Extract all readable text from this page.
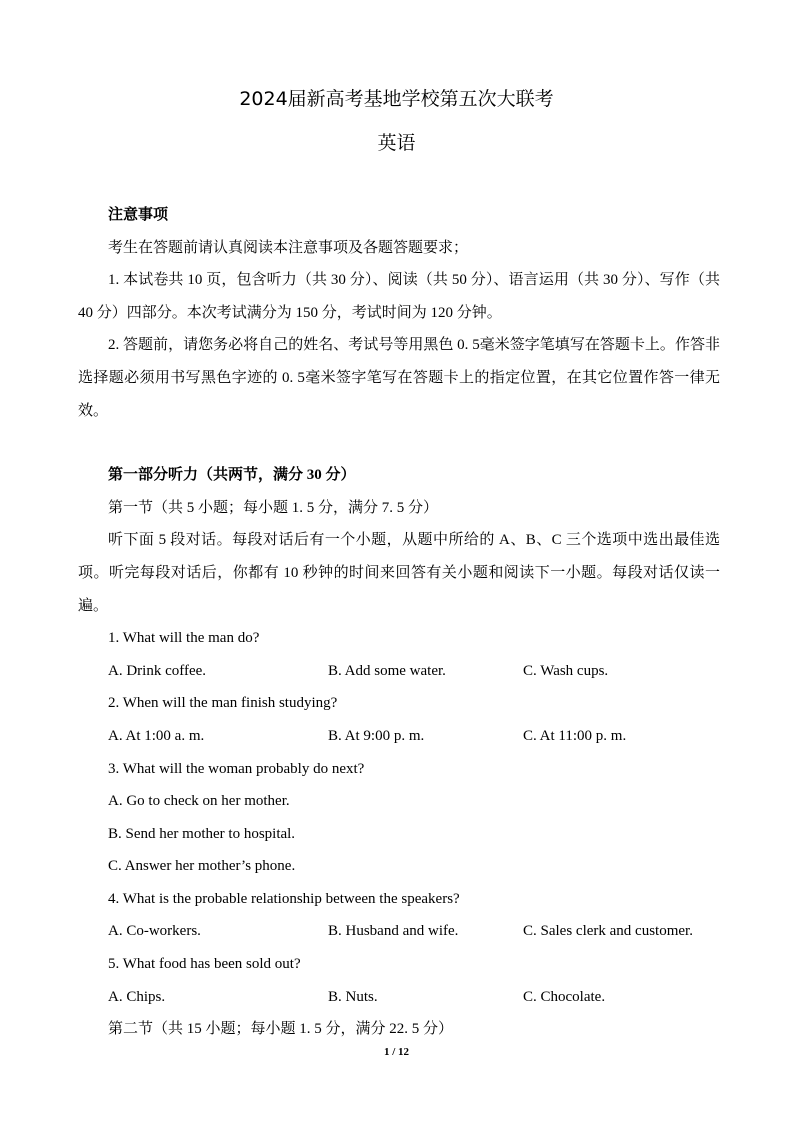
2024届新高考基地学校第五次大联考
英语

注意事项

考生在答题前请认真阅读本注意事项及各题答题要求；

1. 本试卷共 10 页，包含听力（共 30 分）、阅读（共 50 分）、语言运用（共 30 分）、写作（共 40 分）四部分。本次考试满分为 150 分，考试时间为 120 分钟。

2. 答题前，请您务必将自己的姓名、考试号等用黑色 0. 5毫米签字笔填写在答题卡上。作答非选择题必须用书写黑色字迹的 0. 5毫米签字笔写在答题卡上的指定位置，在其它位置作答一律无效。

第一部分听力（共两节，满分 30 分）

第一节（共 5 小题；每小题 1. 5 分，满分 7. 5 分）

听下面 5 段对话。每段对话后有一个小题，从题中所给的 A、B、C 三个选项中选出最佳选项。听完每段对话后，你都有 10 秒钟的时间来回答有关小题和阅读下一小题。每段对话仅读一遍。

1. What will the man do?

A. Drink coffee.	B. Add some water.	C. Wash cups.

2. When will the man finish studying?

A. At 1:00 a. m.	B. At 9:00 p. m.	C. At 11:00 p. m.

3. What will the woman probably do next?

A. Go to check on her mother.

B. Send her mother to hospital.

C. Answer her mother’s phone.

4. What is the probable relationship between the speakers?

A. Co-workers.	B. Husband and wife.	C. Sales clerk and customer.

5. What food has been sold out?

A. Chips.	B. Nuts.	C. Chocolate.

第二节（共 15 小题；每小题 1. 5 分，满分 22. 5 分）

1 / 12
